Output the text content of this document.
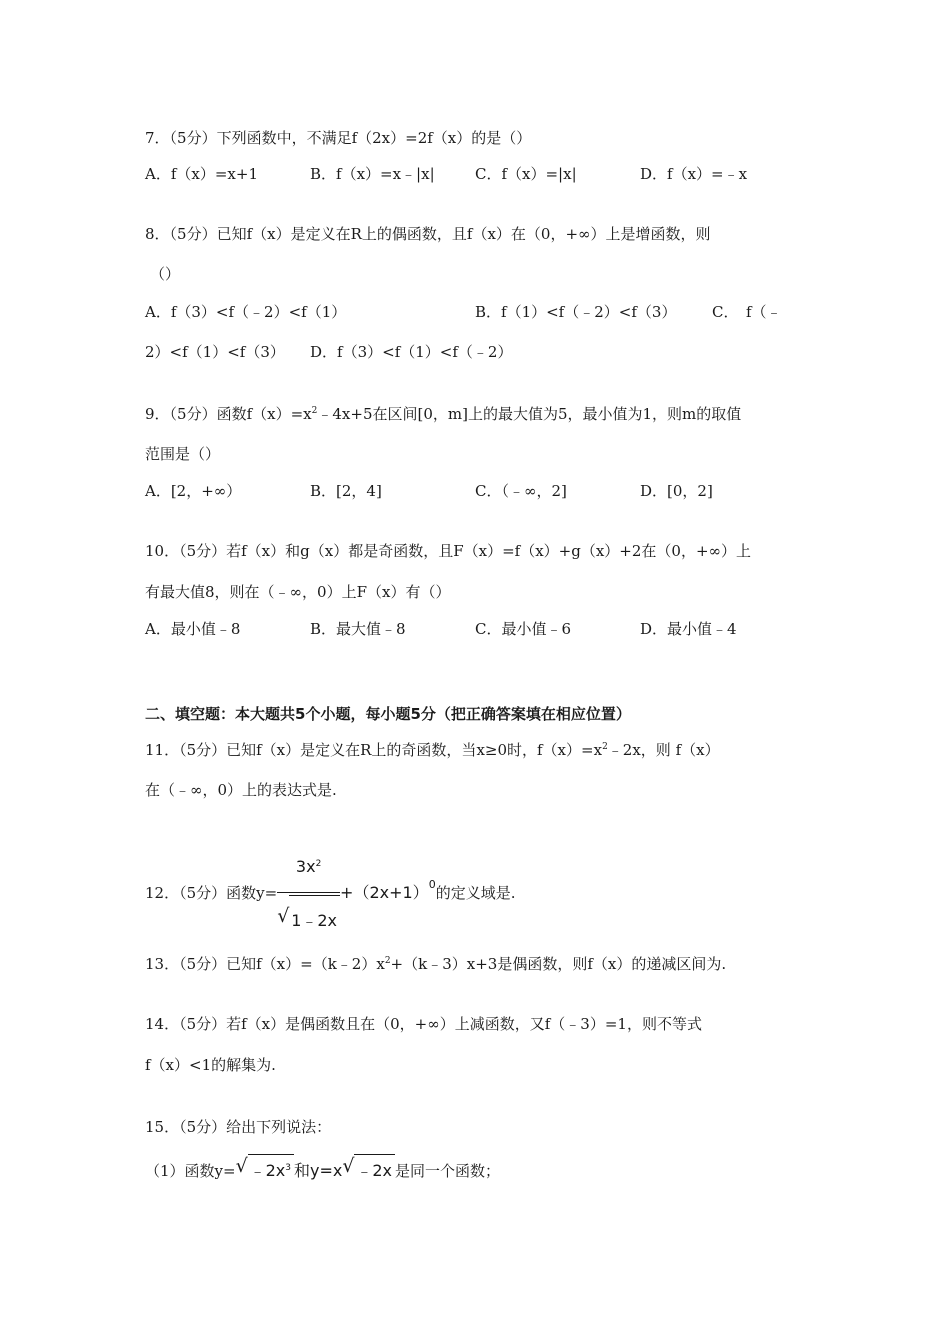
7．（5分）下列函数中，不满足f（2x）=2f（x）的是（）
A．f（x）=x+1	B．f（x）=x﹣|x|	C．f（x）=|x|	D．f（x）=﹣x
8．（5分）已知f（x）是定义在R上的偶函数，且f（x）在（0，+∞）上是增函数，则
（）
A．f（3）<f（﹣2）<f（1）	B．f（1）<f（﹣2）<f（3） C．　f（﹣
2）<f（1）<f（3） D．f（3）<f（1）<f（﹣2）
9．（5分）函数$f(x)=x^2﹣4x+5$在区间[0，m]上的最大值为5，最小值为1，则m的取值
范围是（）
A．[2，+∞）	B．[2，4]	C．（﹣∞，2]	D．[0，2]
10．（5分）若f（x）和g（x）都是奇函数，且F（x）=f（x）+g（x）+2在（0，+∞）上
有最大值8，则在（﹣∞，0）上F（x）有（）
A．最小值﹣8	B．最大值﹣8	C．最小值﹣6	D．最小值﹣4
二、填空题：本大题共5个小题，每小题5分（把正确答案填在相应位置）
11．（5分）已知f（x）是定义在R上的奇函数，当x≥0时，$f(x)=x^2﹣2x$，则 f（x）
在（﹣∞，0）上的表达式是.
12．（5分）函数$y= \frac{3x^2}{√ 1﹣2x} +(2x+1)^0$的定义域是.
13．（5分）已知$f(x)=(k﹣2)x^2+(k﹣3)x+3$是偶函数，则f（x）的递减区间为.
14．（5分）若f（x）是偶函数且在（0，+∞）上减函数，又f（﹣3）=1，则不等式
f（x）<1的解集为.
15．（5分）给出下列说法：
（1）函数y= √ $﹣2x^3$ 和y=x √ ﹣2x 是同一个函数；
